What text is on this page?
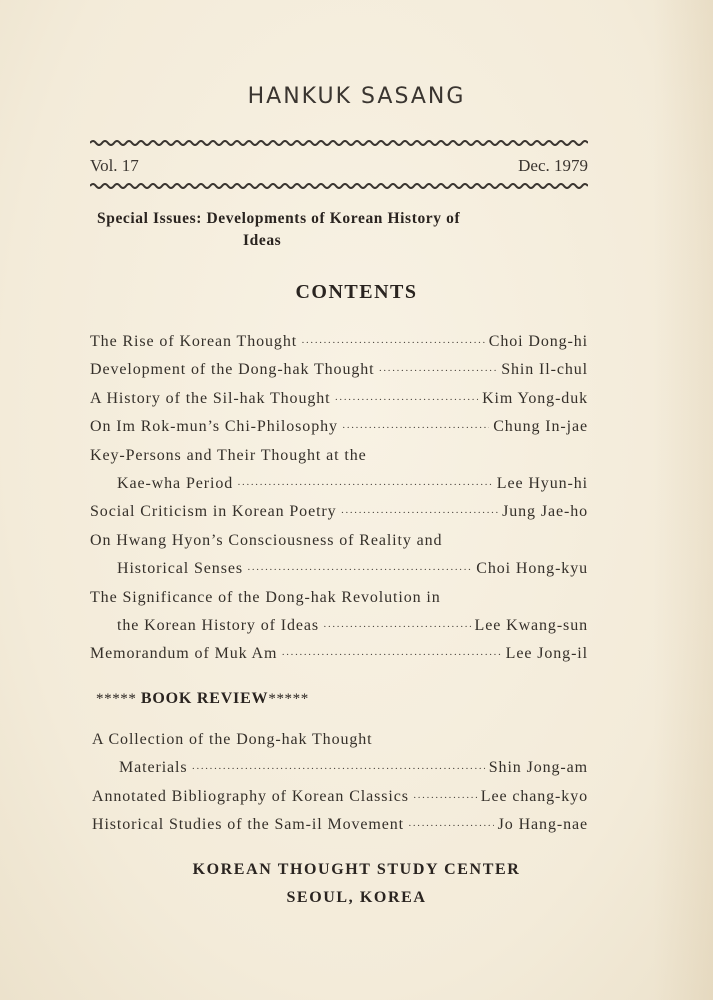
HANKUK SASANG
Vol. 17	Dec. 1979
Special Issues: Developments of Korean History of
Ideas
CONTENTS
The Rise of Korean Thought · · ·	Choi Dong-hi
Development of the Dong-hak Thought · · ·	Shin Il-chul
A History of the Sil-hak Thought · · ·	Kim Yong-duk
On Im Rok-mun’s Chi-Philosophy · · ·	Chung In-jae
Key-Persons and Their Thought at the
Kae-wha Period · · ·	Lee Hyun-hi
Social Criticism in Korean Poetry · · ·	Jung Jae-ho
On Hwang Hyon’s Consciousness of Reality and
Historical Senses · · ·	Choi Hong-kyu
The Significance of the Dong-hak Revolution in
the Korean History of Ideas · · ·	Lee Kwang-sun
Memorandum of Muk Am · · ·	Lee Jong-il
***** BOOK REVIEW*****
A Collection of the Dong-hak Thought
Materials · · ·	Shin Jong-am
Annotated Bibliography of Korean Classics · · ·	Lee chang-kyo
Historical Studies of the Sam-il Movement · · ·	Jo Hang-nae
KOREAN THOUGHT STUDY CENTER
SEOUL, KOREA
